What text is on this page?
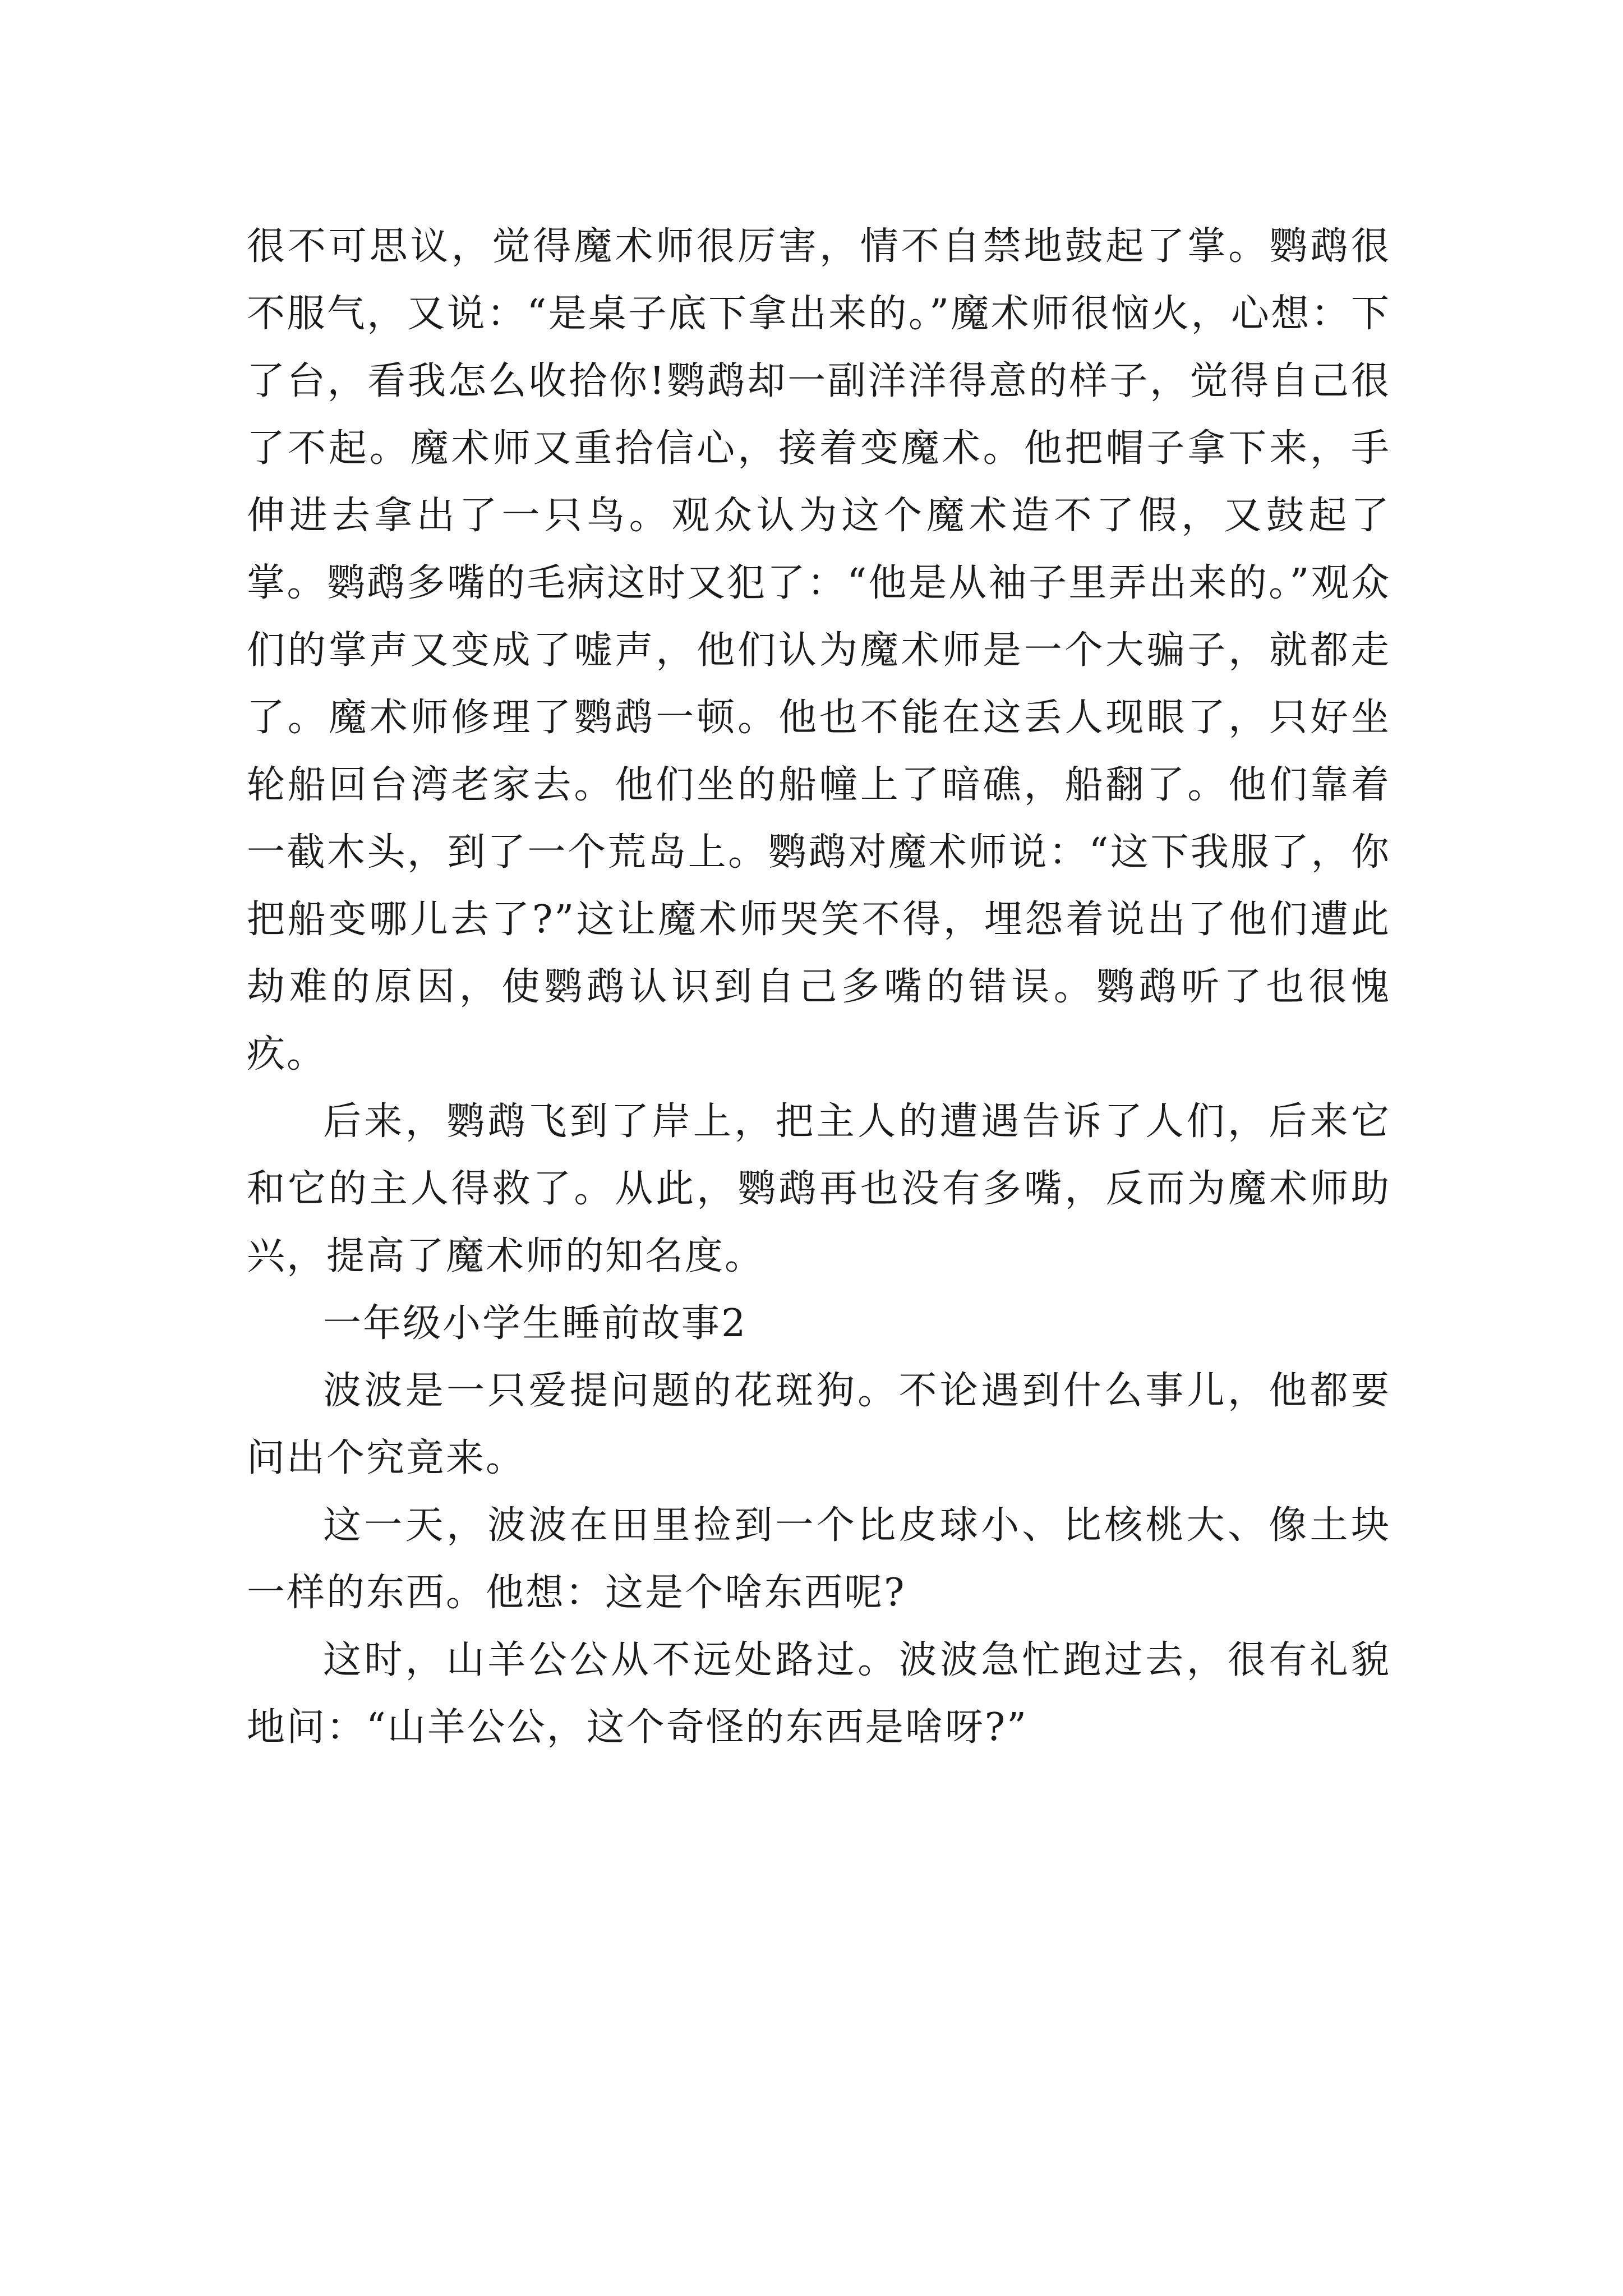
很不可思议，觉得魔术师很厉害，情不自禁地鼓起了掌。鹦鹉很不服气，又说：“是桌子底下拿出来的。”魔术师很恼火，心想：下了台，看我怎么收拾你!鹦鹉却一副洋洋得意的样子，觉得自己很了不起。魔术师又重拾信心，接着变魔术。他把帽子拿下来，手伸进去拿出了一只鸟。观众认为这个魔术造不了假，又鼓起了掌。鹦鹉多嘴的毛病这时又犯了：“他是从袖子里弄出来的。”观众们的掌声又变成了嘘声，他们认为魔术师是一个大骗子，就都走了。魔术师修理了鹦鹉一顿。他也不能在这丢人现眼了，只好坐轮船回台湾老家去。他们坐的船幢上了暗礁，船翻了。他们靠着一截木头，到了一个荒岛上。鹦鹉对魔术师说：“这下我服了，你把船变哪儿去了?”这让魔术师哭笑不得，埋怨着说出了他们遭此劫难的原因，使鹦鹉认识到自己多嘴的错误。鹦鹉听了也很愧疚。

后来，鹦鹉飞到了岸上，把主人的遭遇告诉了人们，后来它和它的主人得救了。从此，鹦鹉再也没有多嘴，反而为魔术师助兴，提高了魔术师的知名度。

一年级小学生睡前故事2

波波是一只爱提问题的花斑狗。不论遇到什么事儿，他都要问出个究竟来。

这一天，波波在田里捡到一个比皮球小、比核桃大、像土块一样的东西。他想：这是个啥东西呢?

这时，山羊公公从不远处路过。波波急忙跑过去，很有礼貌地问：“山羊公公，这个奇怪的东西是啥呀?”
